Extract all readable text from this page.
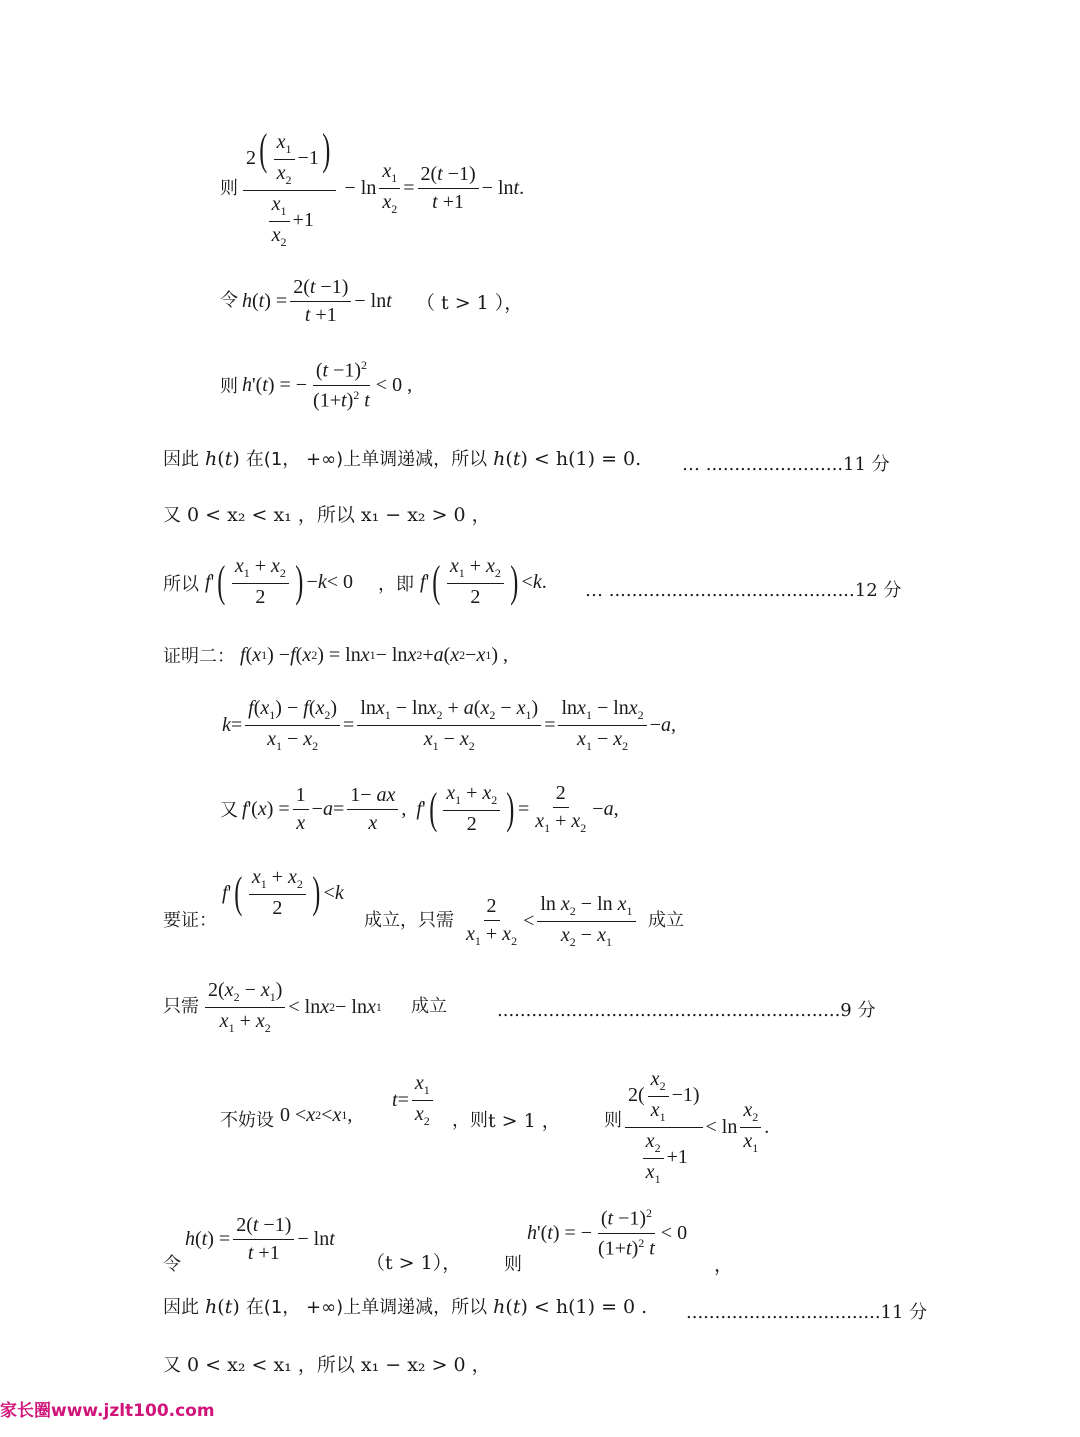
则 $\frac{2( \frac{x_1}{x_2} -1)}{\frac{x_1}{x_2} +1} - \ln \frac{x_1}{x_2} = \frac{2(t -1)}{t +1} - \ln t$ .
令 h ( t ) = $\frac{2(t -1)}{t +1} - \ln t$ （ t > 1 ），
则 h '( t ) = − $\frac{(t -1)^2}{(1+t)^2 t} < 0$ ,
因此 h(t) 在(1， +∞)上单调递减，所以 h(t) < h(1) = 0. … ........................11 分
又 0 < x₂ < x₁ ，所以 x₁ − x₂ > 0 ，
所以 f ' ( $\frac{x_1 + x_2}{2}$ ) − k < 0 ，即 f ' ( $\frac{x_1 + x_2}{2}$ ) < k . … ...........................................12 分
证明二： f ( x 1 ) − f ( x 2 ) = ln x 1 − ln x 2 + a ( x 2 − x 1 ) ,
$k = \frac{f(x_1) - f(x_2)}{x_1 - x_2} = \frac{\ln x_1 - \ln x_2 + a(x_2 - x_1)}{x_1 - x_2} = \frac{\ln x_1 - \ln x_2}{x_1 - x_2} - a$ ,
又 f '( x ) = $\frac{1}{x} - a = \frac{1- ax}{x}$ , f ' ( $\frac{x_1 + x_2}{2}$ ) = $\frac{2}{x_1 + x_2} - a$ ,
要证：
f ' ( $\frac{x_1 + x_2}{2}$ ) < k
成立，只需 $\frac{2}{x_1 + x_2} < \frac{\ln x_2 - \ln x_1}{x_2 - x_1}$ 成立
只需 $\frac{2(x_2 - x_1)}{x_1 + x_2} < \ln x$ 2 − ln x 1 成立	............................................................9 分
不妨设 0 < x 2 < x 1 ,
$t = \frac{x_1}{x_2}$ ，则 t > 1 ， 则 $\frac{2( \frac{x_2}{x_1} -1)}{\frac{x_2}{x_1} +1} < \ln \frac{x_2}{x_1}$ .
令
h ( t ) = $\frac{2(t -1)}{t +1} - \ln t$
（t > 1）， 则
h '( t ) = − $\frac{(t -1)^2}{(1+t)^2 t} < 0$
，
因此 h(t) 在(1， +∞)上单调递减，所以 h(t) < h(1) = 0 . ..................................11 分
又 0 < x₂ < x₁ ，所以 x₁ − x₂ > 0 ，
家长圈www.jzlt100.com
